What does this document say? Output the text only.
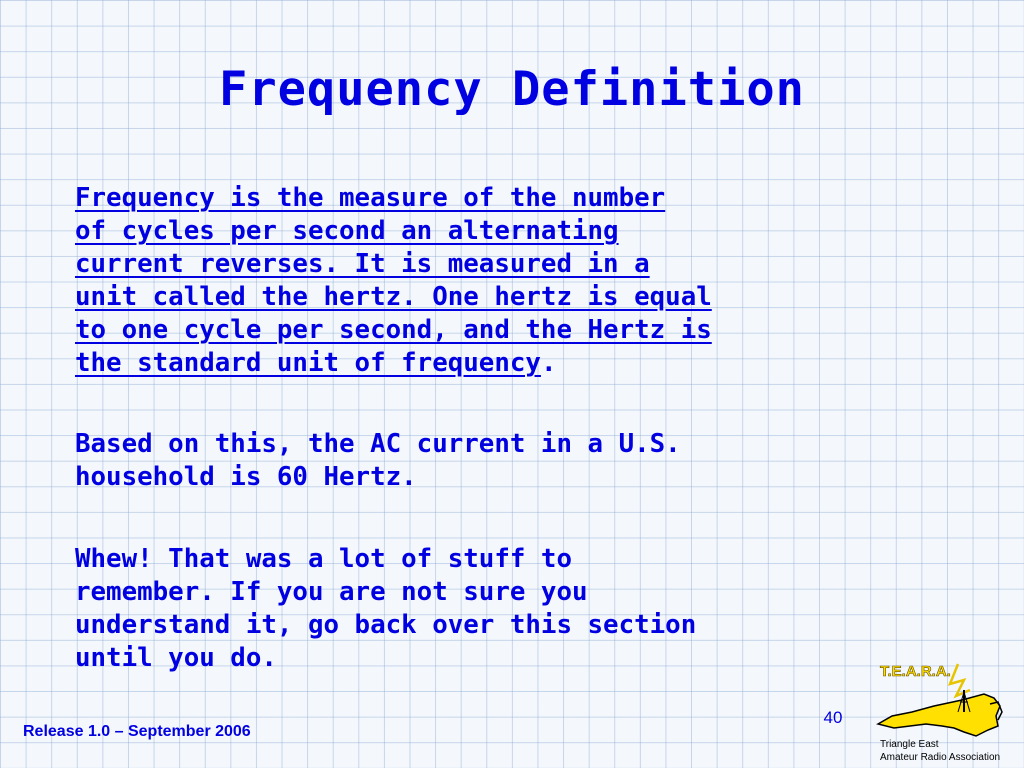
Frequency Definition

Frequency is the measure of the number
of cycles per second an alternating
current reverses. It is measured in a
unit called the hertz. One hertz is equal
to one cycle per second, and the Hertz is
the standard unit of frequency.

Based on this, the AC current in a U.S.
household is 60 Hertz.

Whew! That was a lot of stuff to
remember. If you are not sure you
understand it, go back over this section
until you do.

Release 1.0 – September 2006
40
T.E.A.R.A.
Triangle East
Amateur Radio Association
